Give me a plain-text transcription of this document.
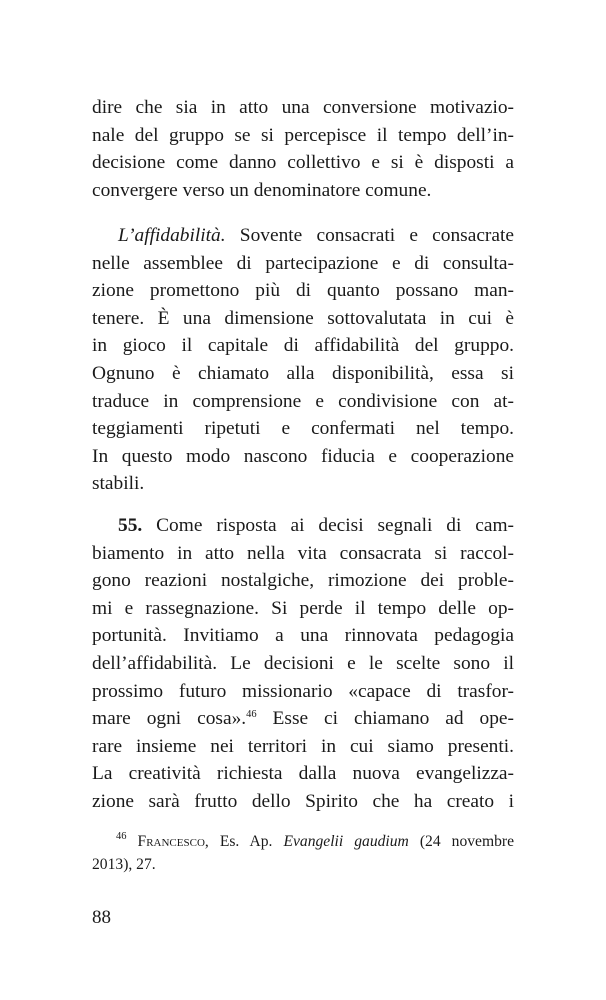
dire che sia in atto una conversione motivazio-
nale del gruppo se si percepisce il tempo dell’in-
decisione come danno collettivo e si è disposti a
convergere verso un denominatore comune.
L’affidabilità. Sovente consacrati e consacrate
nelle assemblee di partecipazione e di consulta-
zione promettono più di quanto possano man-
tenere. È una dimensione sottovalutata in cui è
in gioco il capitale di affidabilità del gruppo.
Ognuno è chiamato alla disponibilità, essa si
traduce in comprensione e condivisione con at-
teggiamenti ripetuti e confermati nel tempo.
In questo modo nascono fiducia e cooperazione
stabili.
55. Come risposta ai decisi segnali di cam-
biamento in atto nella vita consacrata si raccol-
gono reazioni nostalgiche, rimozione dei proble-
mi e rassegnazione. Si perde il tempo delle op-
portunità. Invitiamo a una rinnovata pedagogia
dell’affidabilità. Le decisioni e le scelte sono il
prossimo futuro missionario «capace di trasfor-
mare ogni cosa».$^{46}$ Esse ci chiamano ad ope-
rare insieme nei territori in cui siamo presenti.
La creatività richiesta dalla nuova evangelizza-
zione sarà frutto dello Spirito che ha creato i
$^{46}$ Francesco, Es. Ap. Evangelii gaudium (24 novembre
2013), 27.
88
